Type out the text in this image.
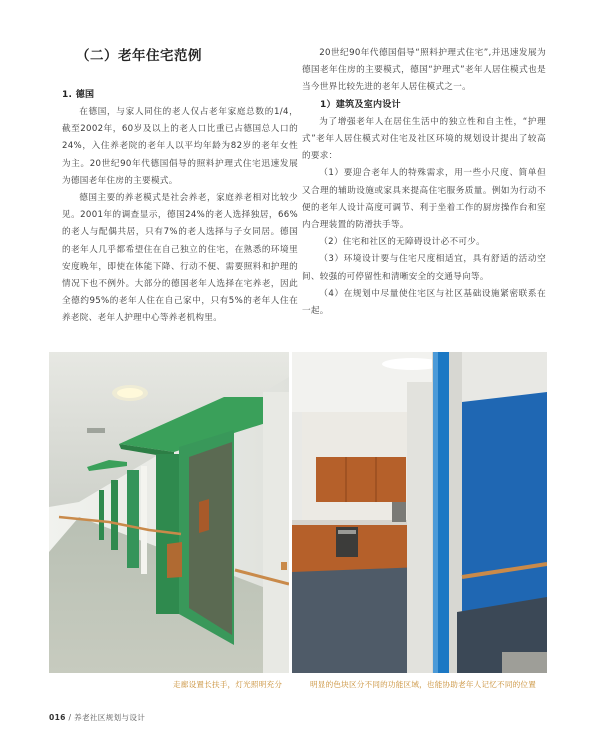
（二）老年住宅范例

1. 德国

在德国，与家人同住的老人仅占老年家庭总数的1/4，截至2002年，60岁及以上的老人口比重已占德国总人口的24%，入住养老院的老年人以平均年龄为82岁的老年女性为主。20世纪90年代德国倡导的照料护理式住宅迅速发展为德国老年住房的主要模式。

德国主要的养老模式是社会养老，家庭养老相对比较少见。2001年的调查显示，德国24%的老人选择独居，66%的老人与配偶共居，只有7%的老人选择与子女同居。德国的老年人几乎都希望住在自己独立的住宅，在熟悉的环境里安度晚年，即使在体能下降、行动不便、需要照料和护理的情况下也不例外。大部分的德国老年人选择在宅养老，因此全德约95%的老年人住在自己家中，只有5%的老年人住在养老院、老年人护理中心等养老机构里。

20世纪90年代德国倡导“照料护理式住宅”,并迅速发展为德国老年住房的主要模式，德国“护理式”老年人居住模式也是当今世界比较先进的老年人居住模式之一。

1）建筑及室内设计

为了增强老年人在居住生活中的独立性和自主性，“护理式”老年人居住模式对住宅及社区环境的规划设计提出了较高的要求：

（1）要迎合老年人的特殊需求，用一些小尺度、简单但又合理的辅助设施或家具来提高住宅服务质量。例如为行动不便的老年人设计高度可调节、利于坐着工作的厨房操作台和室内合理装置的防滑扶手等。

（2）住宅和社区的无障碍设计必不可少。

（3）环境设计要与住宅尺度相适宜，具有舒适的活动空间、较强的可停留性和清晰安全的交通导向等。

（4）在规划中尽量使住宅区与社区基础设施紧密联系在一起。

走廊设置长扶手，灯光照明充分	明显的色块区分不同的功能区域，也能协助老年人记忆不同的位置
016 / 养老社区规划与设计
